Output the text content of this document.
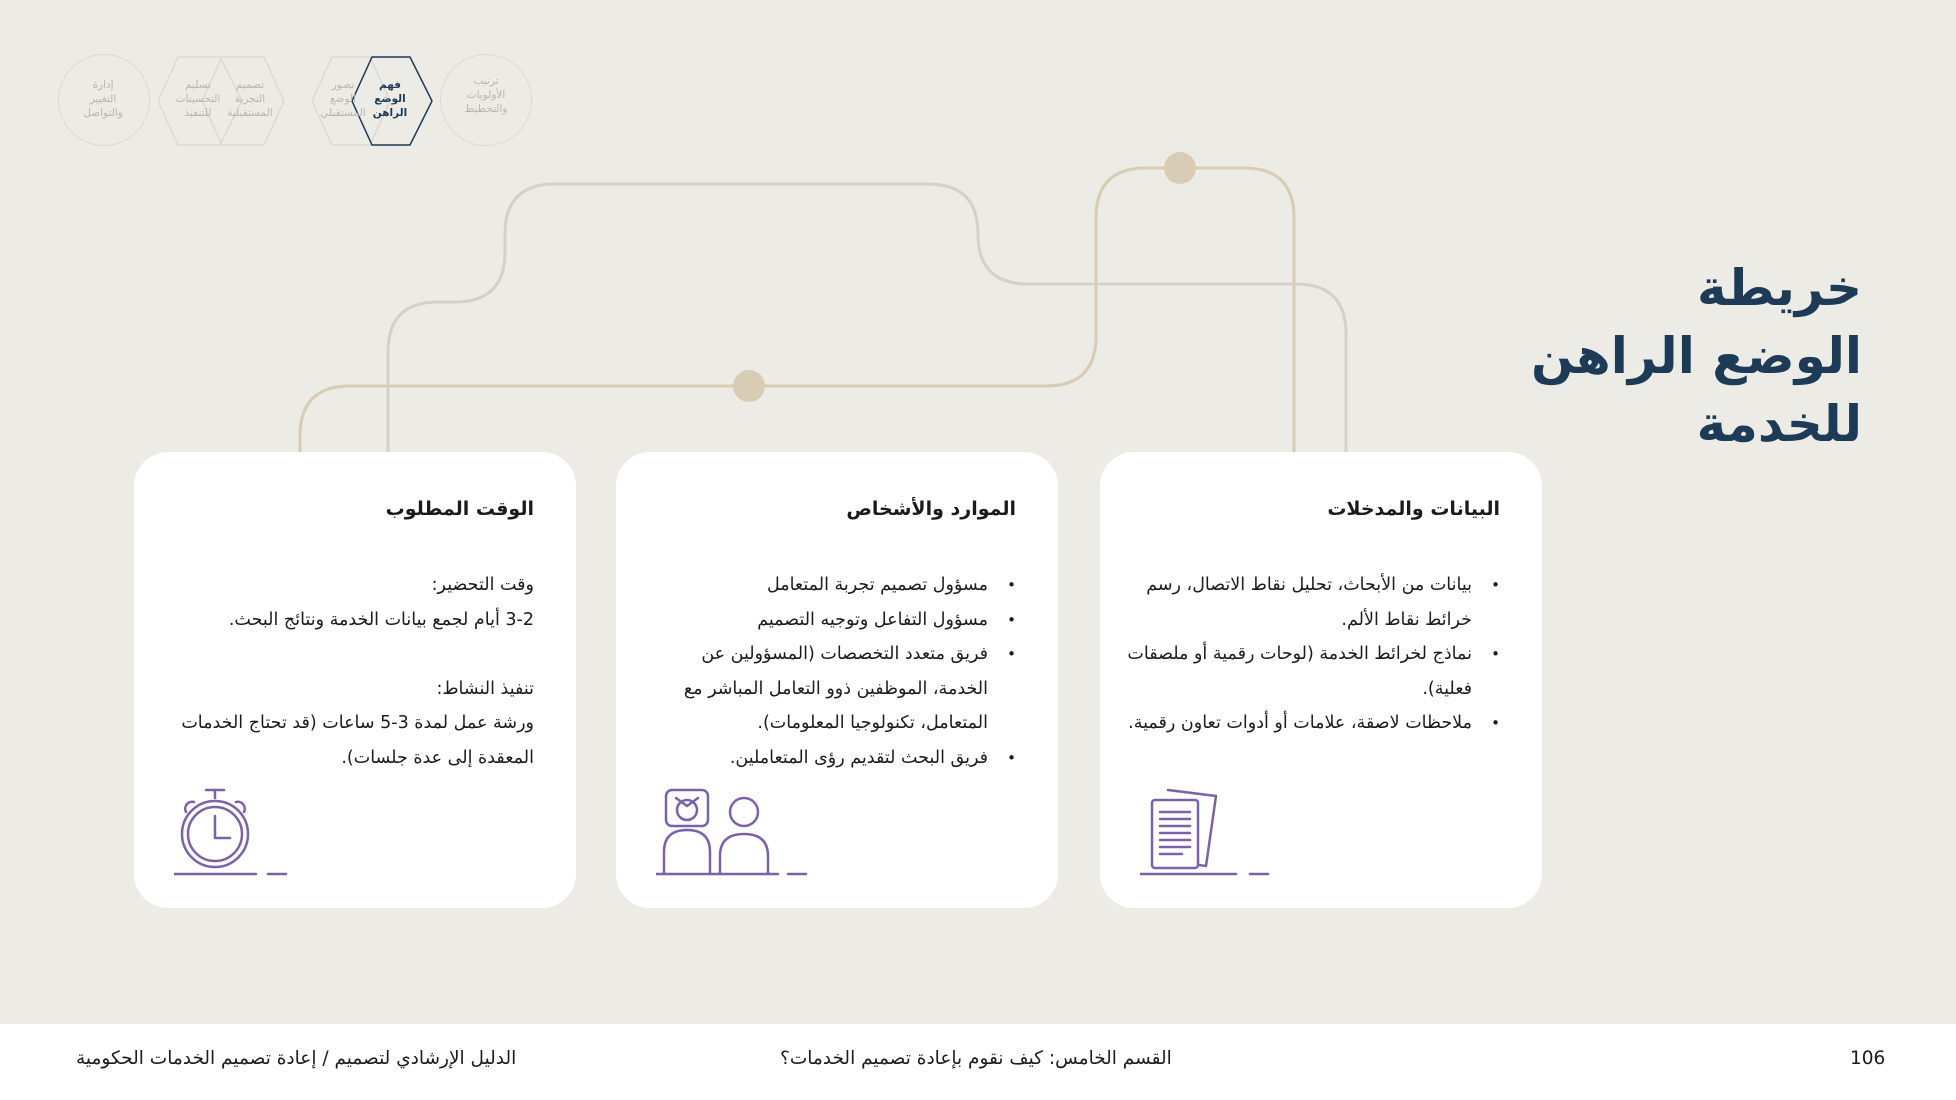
إدارة
التغيير
والتواصل
تسليم
التحسينات
للتنفيذ
تصميم
التجربة
المستقبلية
تصور
الوضع
المستقبلي
فهم
الوضع
الراهن
ترتيب
الأولويات
والتخطيط
خريطة
الوضع الراهن
للخدمة
البيانات والمدخلات
• بيانات من الأبحاث، تحليل نقاط الاتصال، رسم خرائط نقاط الألم.
• نماذج لخرائط الخدمة (لوحات رقمية أو ملصقات فعلية).
• ملاحظات لاصقة، علامات أو أدوات تعاون رقمية.
الموارد والأشخاص
• مسؤول تصميم تجربة المتعامل
• مسؤول التفاعل وتوجيه التصميم
• فريق متعدد التخصصات (المسؤولين عن الخدمة، الموظفين ذوو التعامل المباشر مع المتعامل، تكنولوجيا المعلومات).
• فريق البحث لتقديم رؤى المتعاملين.
الوقت المطلوب

وقت التحضير:

3-2 أيام لجمع بيانات الخدمة ونتائج البحث.

تنفيذ النشاط:

ورشة عمل لمدة 3-5 ساعات (قد تحتاج الخدمات المعقدة إلى عدة جلسات).

106
القسم الخامس: كيف نقوم بإعادة تصميم الخدمات؟
الدليل الإرشادي لتصميم / إعادة تصميم الخدمات الحكومية
